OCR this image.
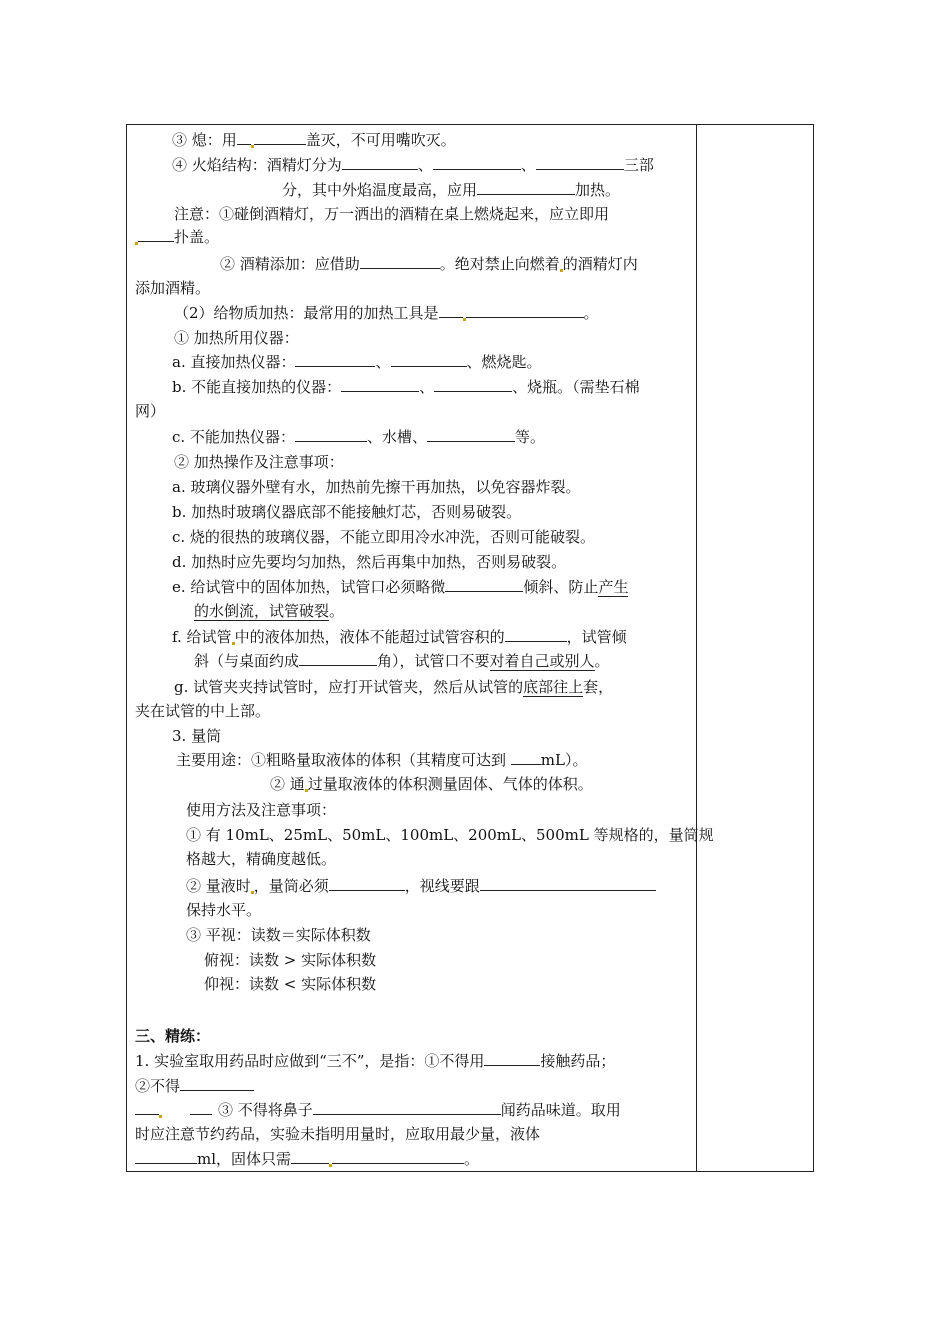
③ 熄：用	盖灭，不可用嘴吹灭。
④ 火焰结构：酒精灯分为	、	、	三部
分，其中外焰温度最高，应用	加热。
注意：①碰倒酒精灯，万一洒出的酒精在桌上燃烧起来，应立即用
扑盖。
② 酒精添加：应借助	。绝对禁止向燃着 的酒精灯内
添加酒精。
（2）给物质加热：最常用的加热工具是	。
① 加热所用仪器：
a. 直接加热仪器：	、	、燃烧匙。
b. 不能直接加热的仪器：	、	、烧瓶。（需垫石棉
网）
c. 不能加热仪器：	、水槽、	等。
② 加热操作及注意事项：
a. 玻璃仪器外壁有水，加热前先擦干再加热，以免容器炸裂。
b. 加热时玻璃仪器底部不能接触灯芯，否则易破裂。
c. 烧的很热的玻璃仪器，不能立即用冷水冲洗，否则可能破裂。
d. 加热时应先要均匀加热，然后再集中加热，否则易破裂。
e. 给试管中的固体加热，试管口必须略微	倾斜、防止产生
的水倒流，试管破裂。
f. 给试管 中的液体加热，液体不能超过试管容积的	，试管倾
斜（与桌面约成	角），试管口不要对着自己或别人。
g. 试管夹夹持试管时，应打开试管夹，然后从试管的底部往上套，
夹在试管的中上部。
3. 量筒
主要用途：①粗略量取液体的体积（其精度可达到 mL）。
② 通 过量取液体的体积测量固体、气体的体积。
使用方法及注意事项：
① 有 10mL、25mL、50mL、100mL、200mL、500mL 等规格的，量筒规
格越大，精确度越低。
② 量液时 ，量筒必须	，视线要跟
保持水平。
③ 平视：读数＝实际体积数
俯视：读数 > 实际体积数
仰视：读数 < 实际体积数
三、精练：
1. 实验室取用药品时应做到“三不”，是指：①不得用	接触药品；
②不得
③ 不得将鼻子	闻药品味道。取用
时应注意节约药品，实验未指明用量时，应取用最少量，液体
ml，固体只需	。
